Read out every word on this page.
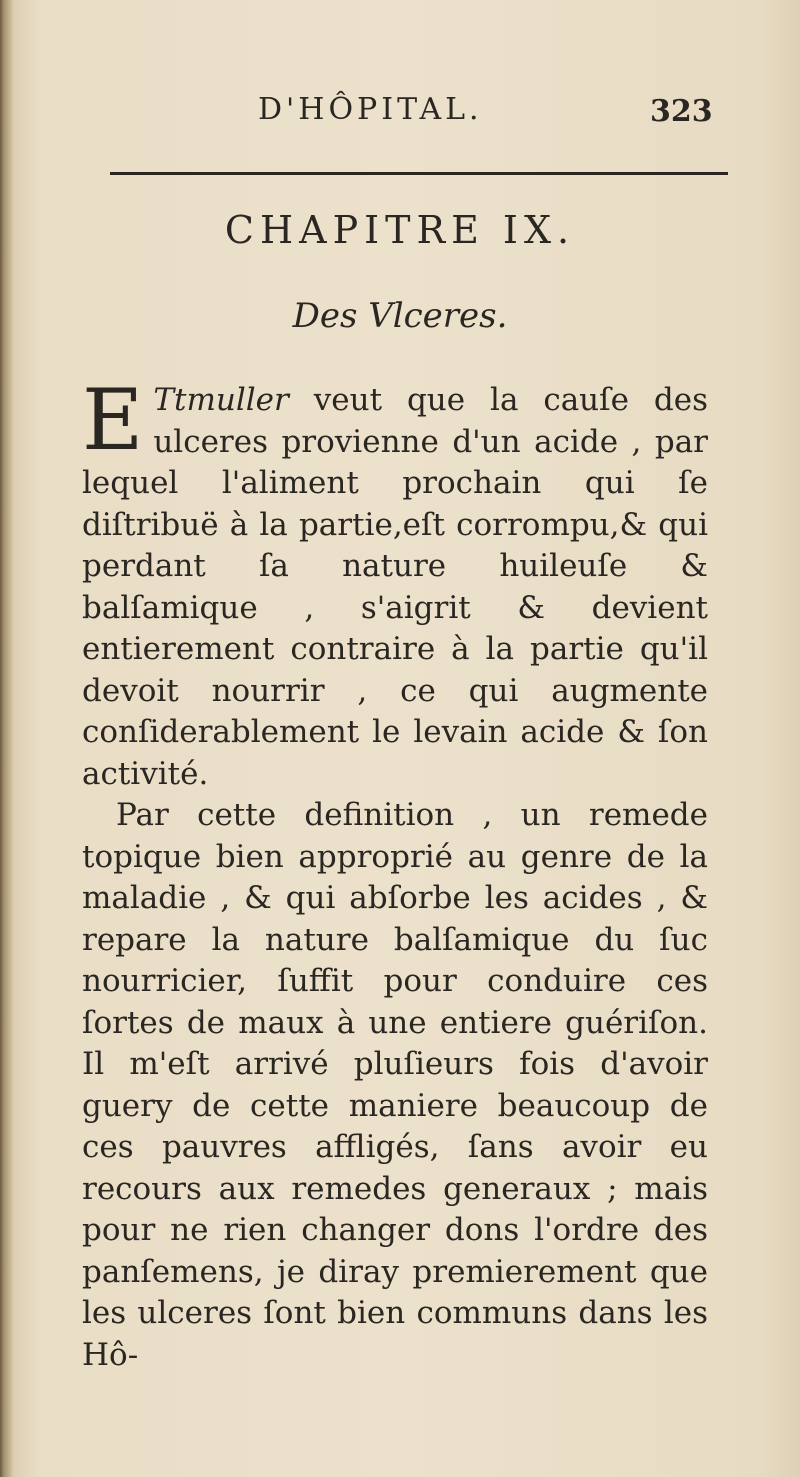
D'HÔPITAL.	323
CHAPITRE IX.
Des Vlceres.

E Ttmuller veut que la cauſe des ulceres provienne d'un acide , par lequel l'aliment prochain qui ſe diſtribuë à la partie,eſt corrompu,& qui perdant ſa nature huileuſe & balſamique , s'aigrit & devient entierement contraire à la partie qu'il devoit nourrir , ce qui augmente conſiderablement le levain acide & ſon activité.

Par cette definition , un remede topique bien approprié au genre de la maladie , & qui abſorbe les acides , & repare la nature balſamique du ſuc nourricier, ſuffit pour conduire ces ſortes de maux à une entiere guériſon. Il m'eſt arrivé pluſieurs fois d'avoir guery de cette maniere beaucoup de ces pauvres affligés, ſans avoir eu recours aux remedes generaux ; mais pour ne rien changer dons l'ordre des panſemens, je diray premierement que les ulceres ſont bien communs dans les Hô-
